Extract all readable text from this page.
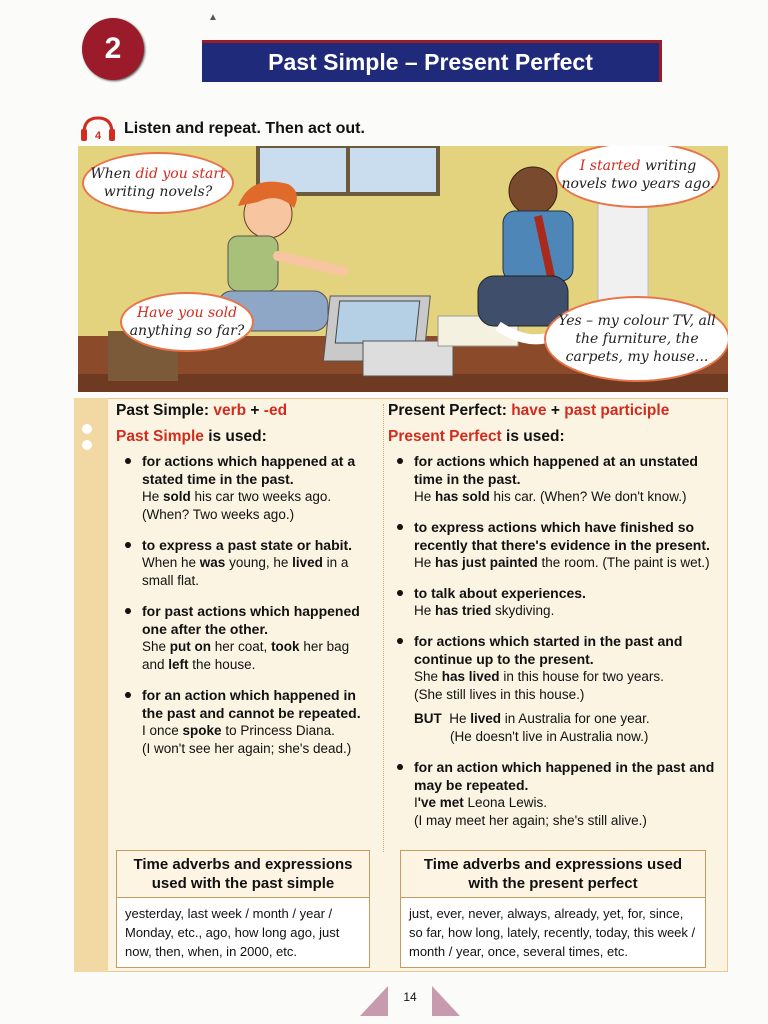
▲
2	Past Simple – Present Perfect
4 Listen and repeat. Then act out.
When did you start writing novels?
I started writing novels two years ago.
Have you sold anything so far?
Yes – my colour TV, all the furniture, the carpets, my house...
Past Simple: verb + -ed
Past Simple is used:
for actions which happened at a stated time in the past.
He sold his car two weeks ago.
(When? Two weeks ago.)
to express a past state or habit.
When he was young, he lived in a small flat.
for past actions which happened one after the other.
She put on her coat, took her bag and left the house.
for an action which happened in the past and cannot be repeated.
I once spoke to Princess Diana.
(I won't see her again; she's dead.)
Present Perfect: have + past participle
Present Perfect is used:
for actions which happened at an unstated time in the past.
He has sold his car. (When? We don't know.)
to express actions which have finished so recently that there's evidence in the present.
He has just painted the room. (The paint is wet.)
to talk about experiences.
He has tried skydiving.
for actions which started in the past and continue up to the present.
She has lived in this house for two years.
(She still lives in this house.)
BUT He lived in Australia for one year.
(He doesn't live in Australia now.)
for an action which happened in the past and may be repeated.
I've met Leona Lewis.
(I may meet her again; she's still alive.)
Time adverbs and expressions used with the past simple
yesterday, last week / month / year / Monday, etc., ago, how long ago, just now, then, when, in 2000, etc.
Time adverbs and expressions used with the present perfect
just, ever, never, always, already, yet, for, since, so far, how long, lately, recently, today, this week / month / year, once, several times, etc.
14
